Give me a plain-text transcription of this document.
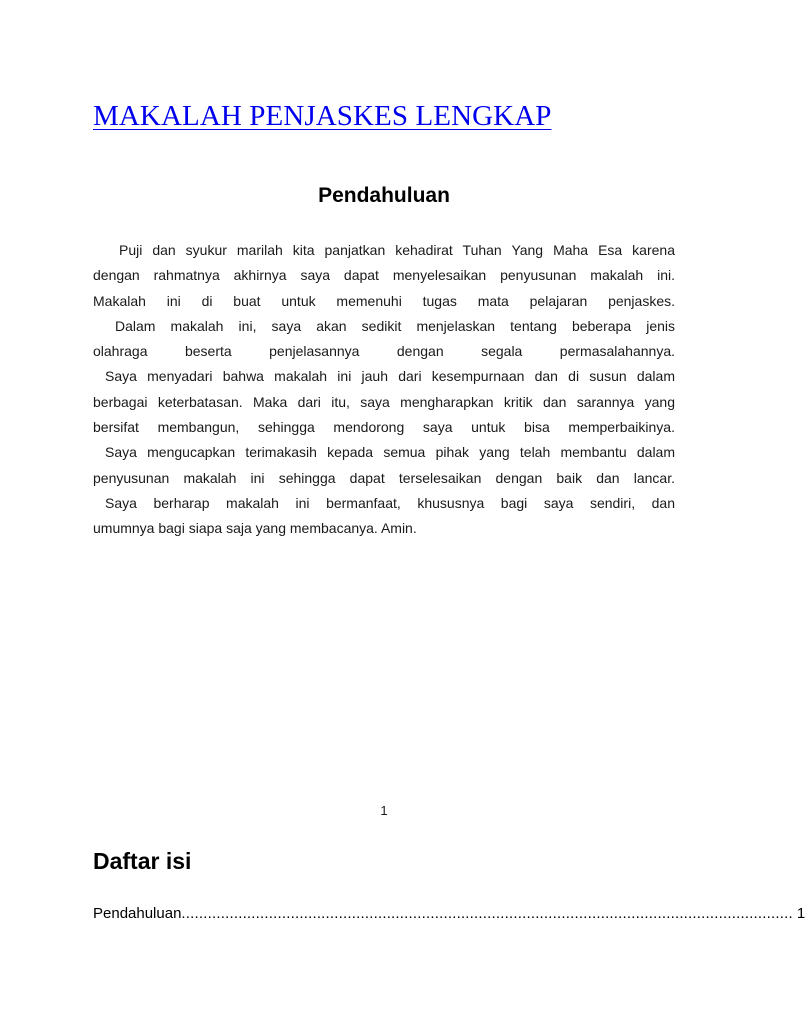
MAKALAH PENJASKES LENGKAP
Pendahuluan
Puji dan syukur marilah kita panjatkan kehadirat Tuhan Yang Maha Esa karena
dengan rahmatnya akhirnya saya dapat menyelesaikan penyusunan makalah ini.
Makalah ini di buat untuk memenuhi tugas mata pelajaran penjaskes.
Dalam makalah ini, saya akan sedikit menjelaskan tentang beberapa jenis
olahraga beserta penjelasannya dengan segala permasalahannya.
Saya menyadari bahwa makalah ini jauh dari kesempurnaan dan di susun dalam
berbagai keterbatasan. Maka dari itu, saya mengharapkan kritik dan sarannya yang
bersifat membangun, sehingga mendorong saya untuk bisa memperbaikinya.
Saya mengucapkan terimakasih kepada semua pihak yang telah membantu dalam
penyusunan makalah ini sehingga dapat terselesaikan dengan baik dan lancar.
Saya berharap makalah ini bermanfaat, khususnya bagi saya sendiri, dan
umumnya bagi siapa saja yang membacanya. Amin.
1
Daftar isi
Pendahuluan ............................................................................................................................................ 1
